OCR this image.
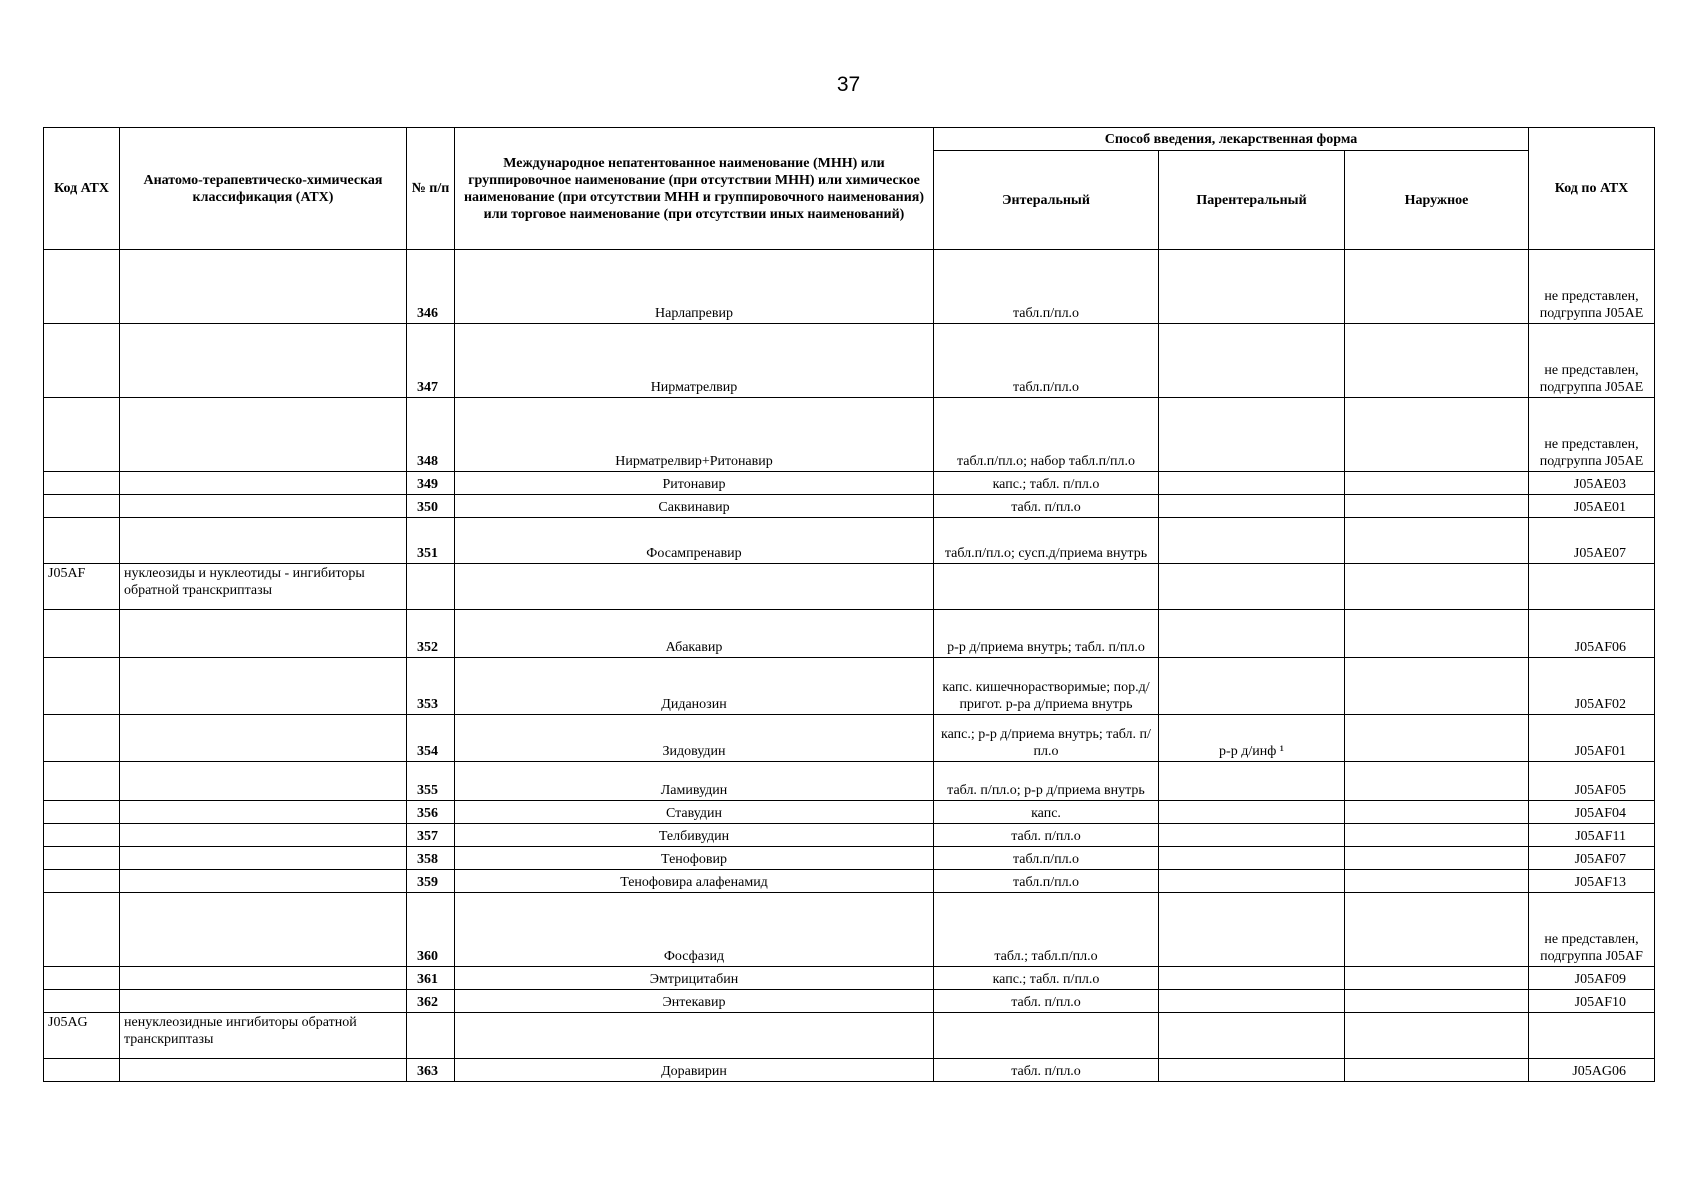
37
Код АТХ	Анатомо-терапевтическо-химическая классификация (АТХ)	№ п/п	Международное непатентованное наименование (МНН) или группировочное наименование (при отсутствии МНН) или химическое наименование (при отсутствии МНН и группировочного наименования) или торговое наименование (при отсутствии иных наименований)	Способ введения, лекарственная форма			Код по АТХ
				Энтеральный	Парентеральный	Наружное	
		346	Нарлапревир	табл.п/пл.о			не представлен, подгруппа J05AE
		347	Нирматрелвир	табл.п/пл.о			не представлен, подгруппа J05AE
		348	Нирматрелвир+Ритонавир	табл.п/пл.о; набор табл.п/пл.о			не представлен, подгруппа J05AE
		349	Ритонавир	капс.; табл. п/пл.о			J05AE03
		350	Саквинавир	табл. п/пл.о			J05AE01
		351	Фосампренавир	табл.п/пл.о; сусп.д/приема внутрь			J05AE07
J05AF	нуклеозиды и нуклеотиды - ингибиторы обратной транскриптазы						
		352	Абакавир	р-р д/приема внутрь; табл. п/пл.о			J05AF06
		353	Диданозин	капс. кишечнорастворимые; пор.д/пригот. р-ра д/приема внутрь			J05AF02
		354	Зидовудин	капс.; р-р д/приема внутрь; табл. п/пл.о	р-р д/инф ¹		J05AF01
		355	Ламивудин	табл. п/пл.о; р-р д/приема внутрь			J05AF05
		356	Ставудин	капс.			J05AF04
		357	Телбивудин	табл. п/пл.о			J05AF11
		358	Тенофовир	табл.п/пл.о			J05AF07
		359	Тенофовира алафенамид	табл.п/пл.о			J05AF13
		360	Фосфазид	табл.; табл.п/пл.о			не представлен, подгруппа J05AF
		361	Эмтрицитабин	капс.; табл. п/пл.о			J05AF09
		362	Энтекавир	табл. п/пл.о			J05AF10
J05AG	ненуклеозидные ингибиторы обратной транскриптазы						
		363	Доравирин	табл. п/пл.о			J05AG06
